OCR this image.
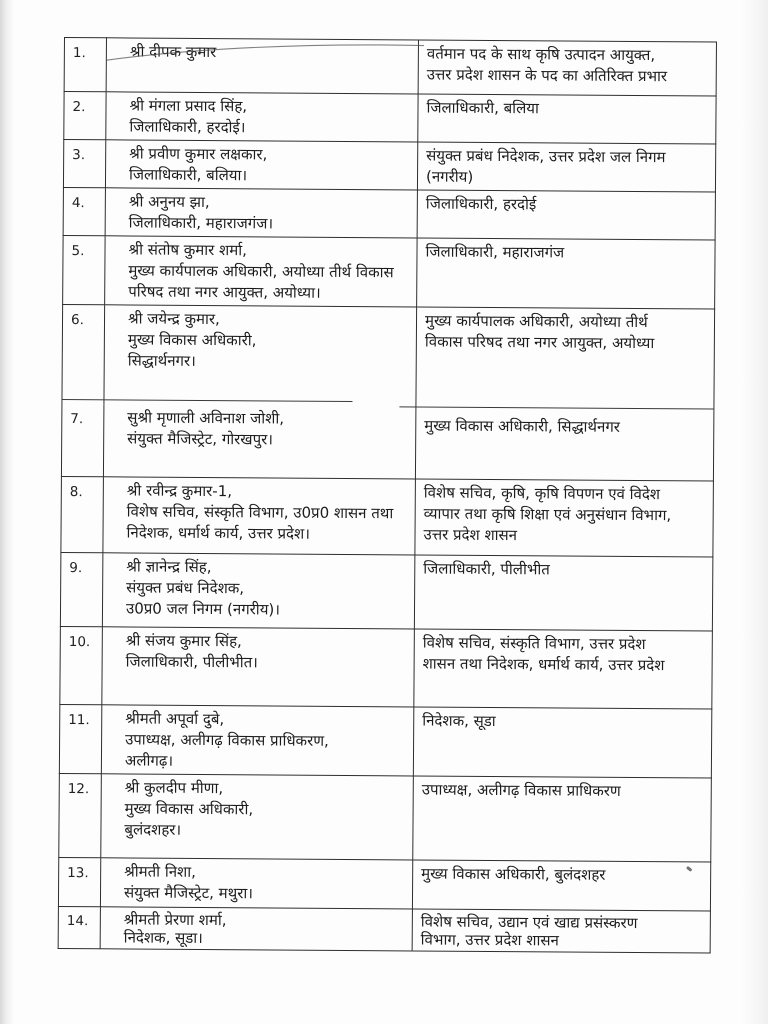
1.	श्री दीपक कुमार	वर्तमान पद के साथ कृषि उत्पादन आयुक्त,
उत्तर प्रदेश शासन के पद का अतिरिक्त प्रभार
2.	श्री मंगला प्रसाद सिंह,
जिलाधिकारी, हरदोई।	जिलाधिकारी, बलिया
3.	श्री प्रवीण कुमार लक्षकार,
जिलाधिकारी, बलिया।	संयुक्त प्रबंध निदेशक, उत्तर प्रदेश जल निगम
(नगरीय)
4.	श्री अनुनय झा,
जिलाधिकारी, महाराजगंज।	जिलाधिकारी, हरदोई
5.	श्री संतोष कुमार शर्मा,
मुख्य कार्यपालक अधिकारी, अयोध्या तीर्थ विकास
परिषद तथा नगर आयुक्त, अयोध्या।	जिलाधिकारी, महाराजगंज
6.	श्री जयेन्द्र कुमार,
मुख्य विकास अधिकारी,
सिद्धार्थनगर।	मुख्य कार्यपालक अधिकारी, अयोध्या तीर्थ
विकास परिषद तथा नगर आयुक्त, अयोध्या
7.	सुश्री मृणाली अविनाश जोशी,
संयुक्त मैजिस्ट्रेट, गोरखपुर।	मुख्य विकास अधिकारी, सिद्धार्थनगर
8.	श्री रवीन्द्र कुमार-1,
विशेष सचिव, संस्कृति विभाग, उ0प्र0 शासन तथा
निदेशक, धर्मार्थ कार्य, उत्तर प्रदेश।	विशेष सचिव, कृषि, कृषि विपणन एवं विदेश
व्यापार तथा कृषि शिक्षा एवं अनुसंधान विभाग,
उत्तर प्रदेश शासन
9.	श्री ज्ञानेन्द्र सिंह,
संयुक्त प्रबंध निदेशक,
उ0प्र0 जल निगम (नगरीय)।	जिलाधिकारी, पीलीभीत
10.	श्री संजय कुमार सिंह,
जिलाधिकारी, पीलीभीत।	विशेष सचिव, संस्कृति विभाग, उत्तर प्रदेश
शासन तथा निदेशक, धर्मार्थ कार्य, उत्तर प्रदेश
11.	श्रीमती अपूर्वा दुबे,
उपाध्यक्ष, अलीगढ़ विकास प्राधिकरण,
अलीगढ़।	निदेशक, सूडा
12.	श्री कुलदीप मीणा,
मुख्य विकास अधिकारी,
बुलंदशहर।	उपाध्यक्ष, अलीगढ़ विकास प्राधिकरण
13.	श्रीमती निशा,
संयुक्त मैजिस्ट्रेट, मथुरा।	मुख्य विकास अधिकारी, बुलंदशहर
14.	श्रीमती प्रेरणा शर्मा,
निदेशक, सूडा।	विशेष सचिव, उद्यान एवं खाद्य प्रसंस्करण
विभाग, उत्तर प्रदेश शासन
